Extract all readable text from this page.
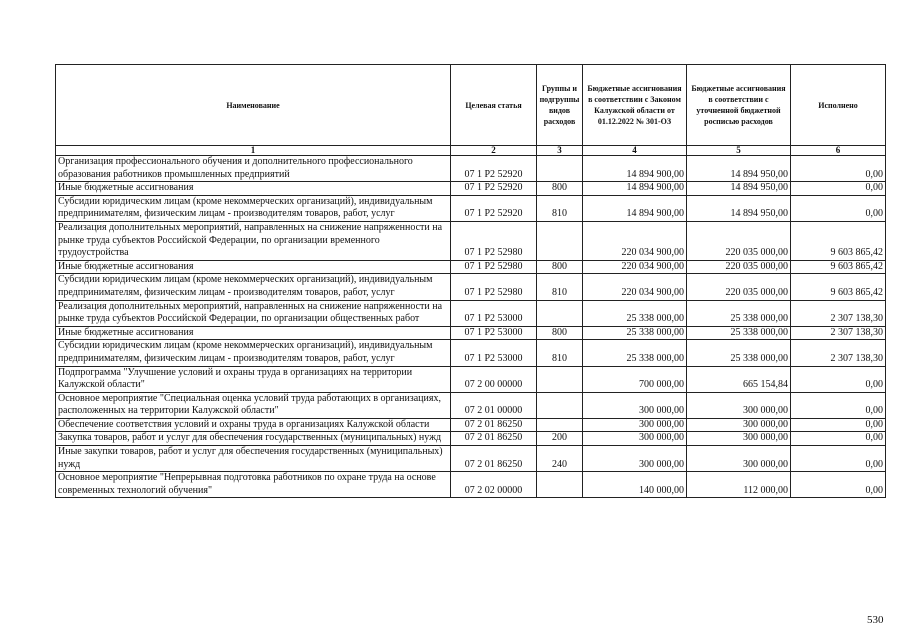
Наименование	Целевая статья	Группы и подгруппы видов расходов	Бюджетные ассигнования в соответствии с Законом Калужской области от 01.12.2022 № 301-ОЗ	Бюджетные ассигнования в соответствии с уточненной бюджетной росписью расходов	Исполнено
1	2	3	4	5	6
Организация профессионального обучения и дополнительного профессионального образования работников промышленных предприятий	07 1 P2 52920		14 894 900,00	14 894 950,00	0,00
Иные бюджетные ассигнования	07 1 P2 52920	800	14 894 900,00	14 894 950,00	0,00
Субсидии юридическим лицам (кроме некоммерческих организаций), индивидуальным предпринимателям, физическим лицам - производителям товаров, работ, услуг	07 1 P2 52920	810	14 894 900,00	14 894 950,00	0,00
Реализация дополнительных мероприятий, направленных на снижение напряженности на рынке труда субъектов Российской Федерации, по организации временного трудоустройства	07 1 P2 52980		220 034 900,00	220 035 000,00	9 603 865,42
Иные бюджетные ассигнования	07 1 P2 52980	800	220 034 900,00	220 035 000,00	9 603 865,42
Субсидии юридическим лицам (кроме некоммерческих организаций), индивидуальным предпринимателям, физическим лицам - производителям товаров, работ, услуг	07 1 P2 52980	810	220 034 900,00	220 035 000,00	9 603 865,42
Реализация дополнительных мероприятий, направленных на снижение напряженности на рынке труда субъектов Российской Федерации, по организации общественных работ	07 1 P2 53000		25 338 000,00	25 338 000,00	2 307 138,30
Иные бюджетные ассигнования	07 1 P2 53000	800	25 338 000,00	25 338 000,00	2 307 138,30
Субсидии юридическим лицам (кроме некоммерческих организаций), индивидуальным предпринимателям, физическим лицам - производителям товаров, работ, услуг	07 1 P2 53000	810	25 338 000,00	25 338 000,00	2 307 138,30
Подпрограмма "Улучшение условий и охраны труда в организациях на территории Калужской области"	07 2 00 00000		700 000,00	665 154,84	0,00
Основное мероприятие "Специальная оценка условий труда работающих в организациях, расположенных на территории Калужской области"	07 2 01 00000		300 000,00	300 000,00	0,00
Обеспечение соответствия условий и охраны труда в организациях Калужской области	07 2 01 86250		300 000,00	300 000,00	0,00
Закупка товаров, работ и услуг для обеспечения государственных (муниципальных) нужд	07 2 01 86250	200	300 000,00	300 000,00	0,00
Иные закупки товаров, работ и услуг для обеспечения государственных (муниципальных) нужд	07 2 01 86250	240	300 000,00	300 000,00	0,00
Основное мероприятие "Непрерывная подготовка работников по охране труда на основе современных технологий обучения"	07 2 02 00000		140 000,00	112 000,00	0,00
530
